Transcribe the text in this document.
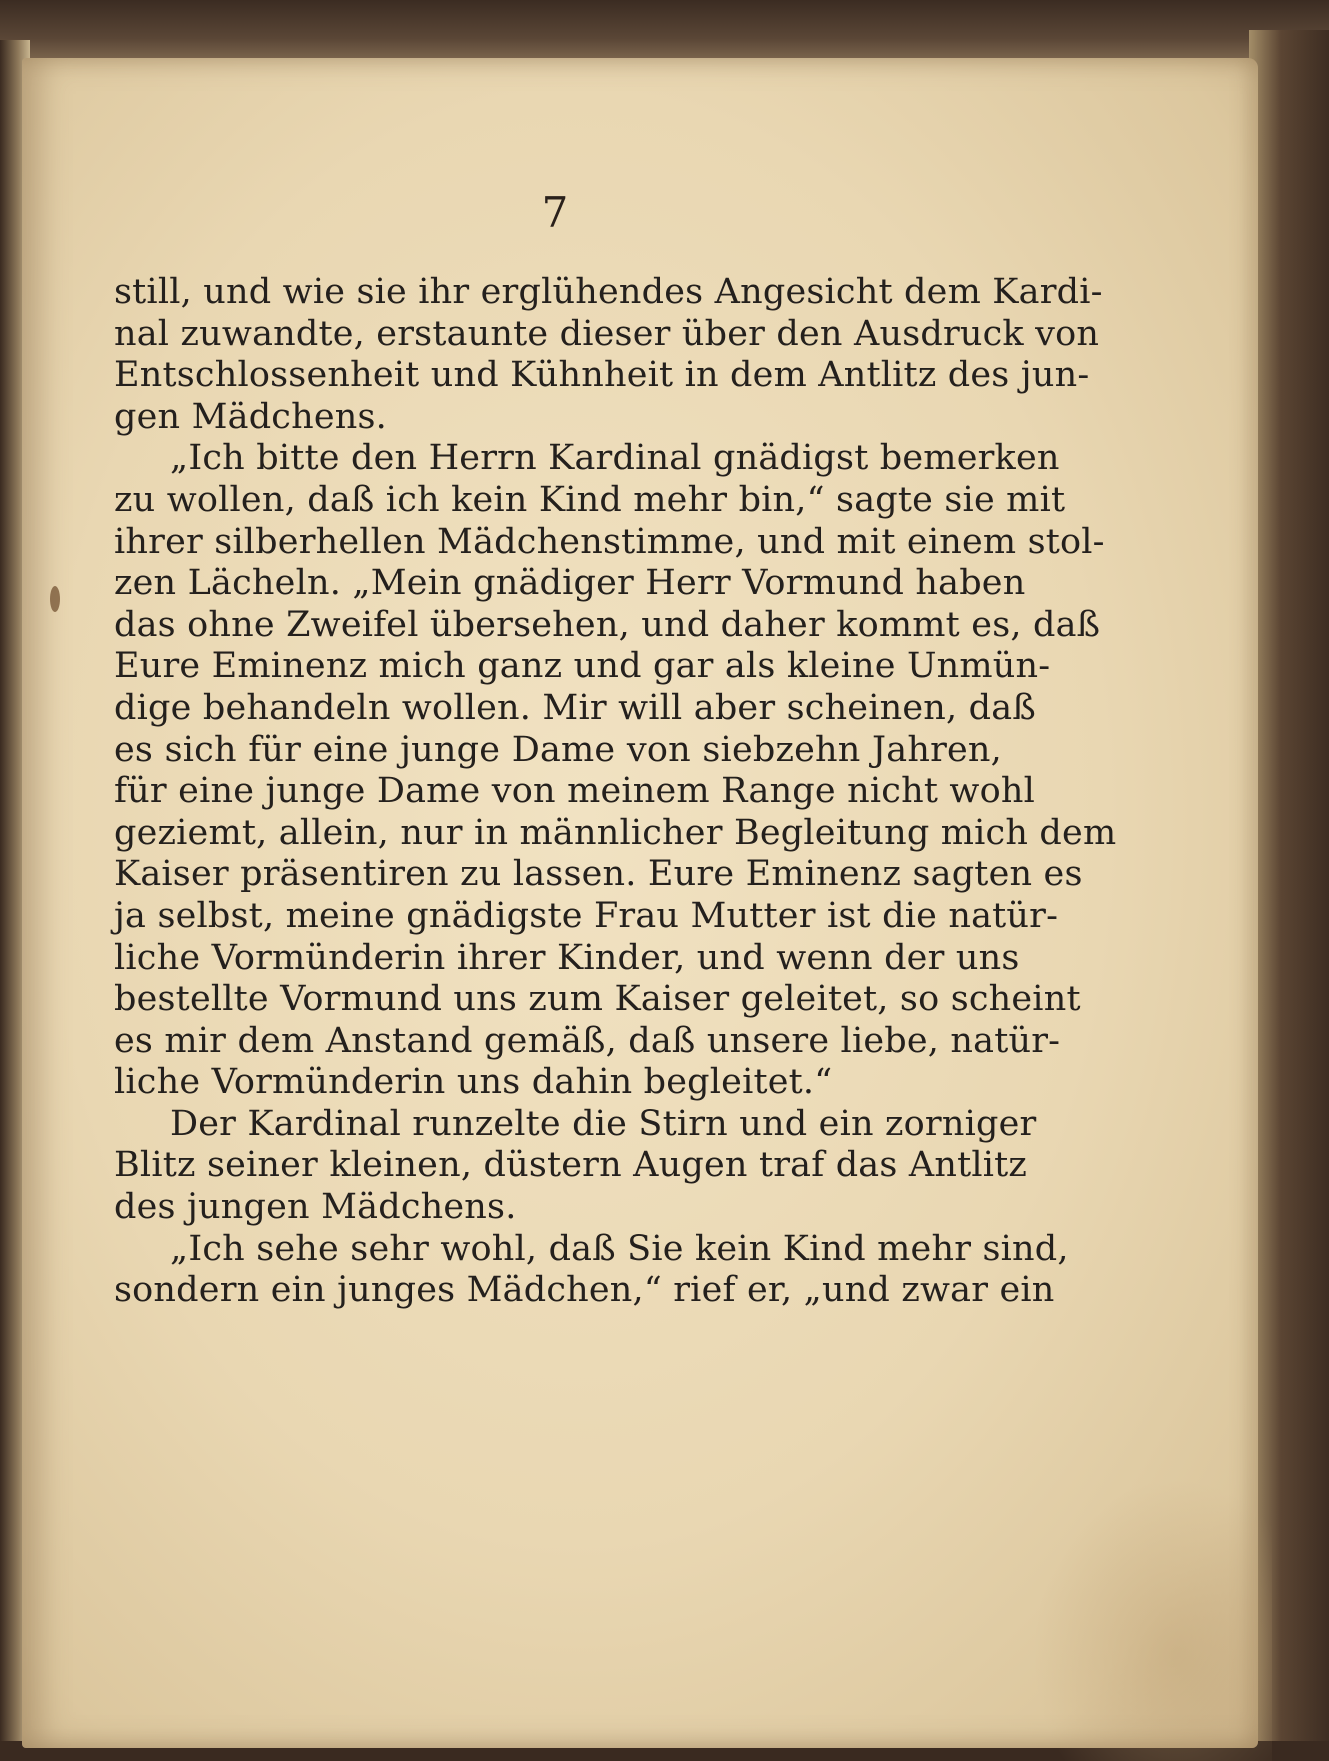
7
still, und wie sie ihr erglühendes Angesicht dem Kardi-
nal zuwandte, erstaunte dieser über den Ausdruck von
Entschlossenheit und Kühnheit in dem Antlitz des jun-
gen Mädchens.
„Ich bitte den Herrn Kardinal gnädigst bemerken
zu wollen, daß ich kein Kind mehr bin,“ sagte sie mit
ihrer silberhellen Mädchenstimme, und mit einem stol-
zen Lächeln. „Mein gnädiger Herr Vormund haben
das ohne Zweifel übersehen, und daher kommt es, daß
Eure Eminenz mich ganz und gar als kleine Unmün-
dige behandeln wollen. Mir will aber scheinen, daß
es sich für eine junge Dame von siebzehn Jahren,
für eine junge Dame von meinem Range nicht wohl
geziemt, allein, nur in männlicher Begleitung mich dem
Kaiser präsentiren zu lassen. Eure Eminenz sagten es
ja selbst, meine gnädigste Frau Mutter ist die natür-
liche Vormünderin ihrer Kinder, und wenn der uns
bestellte Vormund uns zum Kaiser geleitet, so scheint
es mir dem Anstand gemäß, daß unsere liebe, natür-
liche Vormünderin uns dahin begleitet.“
Der Kardinal runzelte die Stirn und ein zorniger
Blitz seiner kleinen, düstern Augen traf das Antlitz
des jungen Mädchens.
„Ich sehe sehr wohl, daß Sie kein Kind mehr sind,
sondern ein junges Mädchen,“ rief er, „und zwar ein
